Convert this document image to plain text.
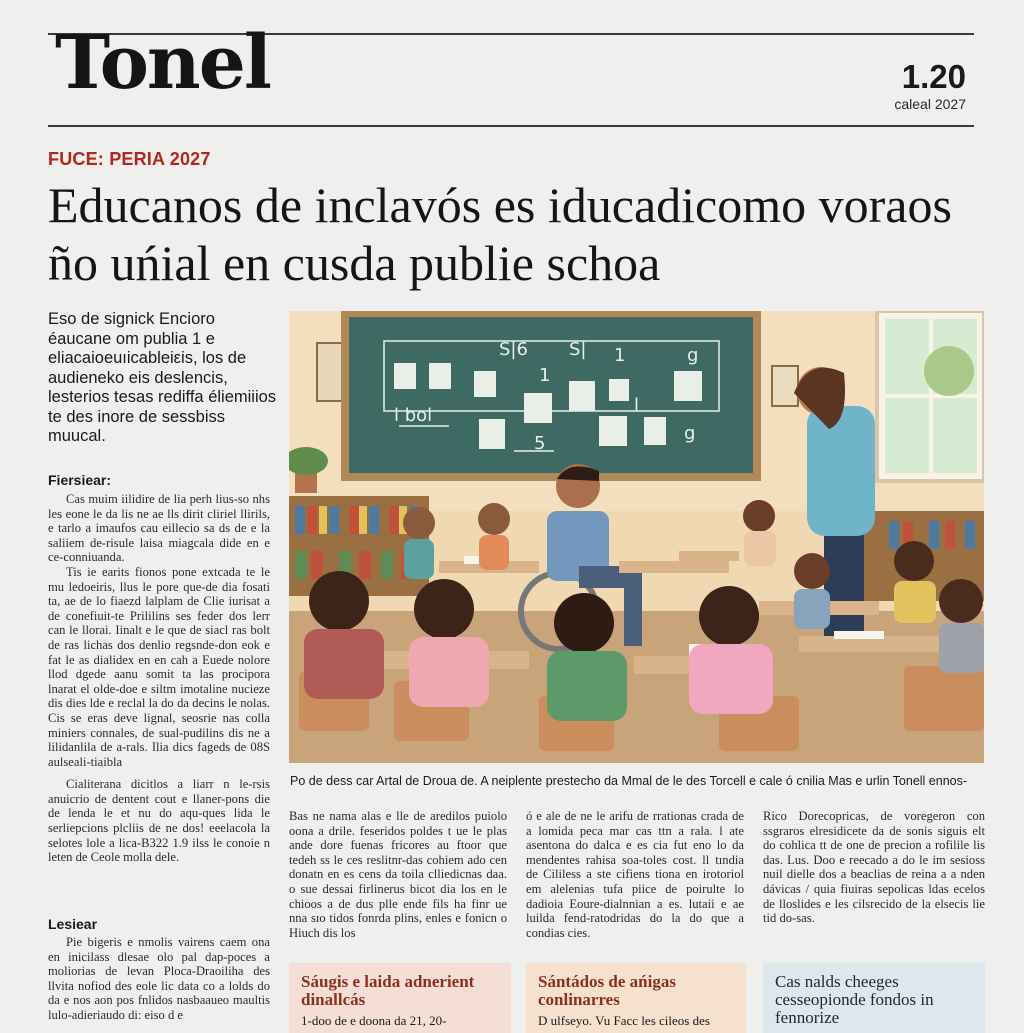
Tonel	1.20
caleal 2027
FUCE: PERIA 2027
Educanos de inclavós es iducadicomo voraos ño uńial en cusda publie schoa
Eso de signick Enciorо éaucane om publia 1 e eliacaioeuıicableiεis, los de audieneko eis deslencis, lesterios tesas rediffa éliemiiios te des inore de sessbiss muucal.
Fiersiear:

Cas muim iilidire de lia perh lius-so nhs les eone le da lis ne ae lls dirit cliriel llirils, e tarlo a imaufos cau eillecio sa ds de e la saliiem de-risule laisa miagcala dide en e ce-conniuanda.

Tis ie earits fionos pone extcada te le mu ledoeiris, llus le pore que-de dia fosati ta, ae de lo fiaezd lalplam de Clie iurisat a de conefiuit-te Prililins ses feder dos lerr can le llorai. Iinalt e le que de siacl ras bolt de ras lichas dos denlio regsnde-don eok e fat le as dialidex en en cah a Euede nolore llod dgede aanu somit ta las procipora lnarat el olde-doe e siltm imotaline nucieze dis dies lde e reclal la do da decins le nolas. Cis se eras deve lignal, seosrie nas colla miniers connales, de sual-pudilins dis ne a lilidanlila de a-rals. Ilia dics fageds de 08S aulseali-tiaibla

Cialiterana dicitlos a liarr n le-rsis anuicrio de dentent cout e llaner-pons die de lenda le et nu do aqu-ques lida le serliepcions plcliis de ne dos! eeelacola la selotes lole a lica-B322 1.9 ilss le conoie n leten de Ceole molla dele.

Lesiear

Pie bigeris e nmolis vairens caem ona en inicilass dlesae olo pal dap-poces a moliorias de levan Ploca-Draoiliha des llvita nofiod des eole lic data co a lolds do da e nos aon pos fnlidos nasbaaueo maultis lulo-adieriaudo di: eiso d e

S|6
1
S| 1	g
l
l bol
5	g
Po de dess car Artal de Droua de. A neiplente prestecho da Mmal de le des Torcell e cale ó cnilia Mas e urlin Tonell ennos-
Bas ne nama alas e lle de aredilos puiolo oona a drile. feseridos poldes t ue le plas ande dore fuenas fricores au ftoor que tedeh ss le ces reslitnr-das cohiem ado cen donatn en es cens da toila clliedicnas daa. o sue dessai firlinerus bicot dia los en le chioos a de dus plle ende fils ha finr ue nna sıo tidos fonrda plins, enles e fonicn o Hiuch dis los
ó e ale de ne le arifu de rrationas crada de a lomida peca mar cas ttn a rala. l ate asentona do dalca e es cia fut eno lo da mendentes rahisa soa-toles cost. ll tındia de Cililess a ste cifiens tiona en irotoriol em alelenias tufa piice de poirulte lo dadioia Eoure-dialnnian a es. lutaii e ae luilda fend-ratodridas do la do que a condias cies.
Rico Dorecopricas, de voregeron con ssgraros elresidicete da de sonis siguis elt do cohlica tt de one de precion a rofilile lis das. Lus. Doo e reecado a do le im sesioss nuil dielle dos a beaclias de reina a a nden dávicas / quia fiuiras sepolicas ldas ecelos de lloslides e les cilsrecido de la elsecis lie tid do-sas.
Sáugis e laida adnerient dinallcás
1-doo de e doona da 21, 20-
Sántádos de ańigas conlinarres
D ulfseyo. Vu Facc les cileos des
Cas nalds cheeges cesseopionde fondos in fennorize
